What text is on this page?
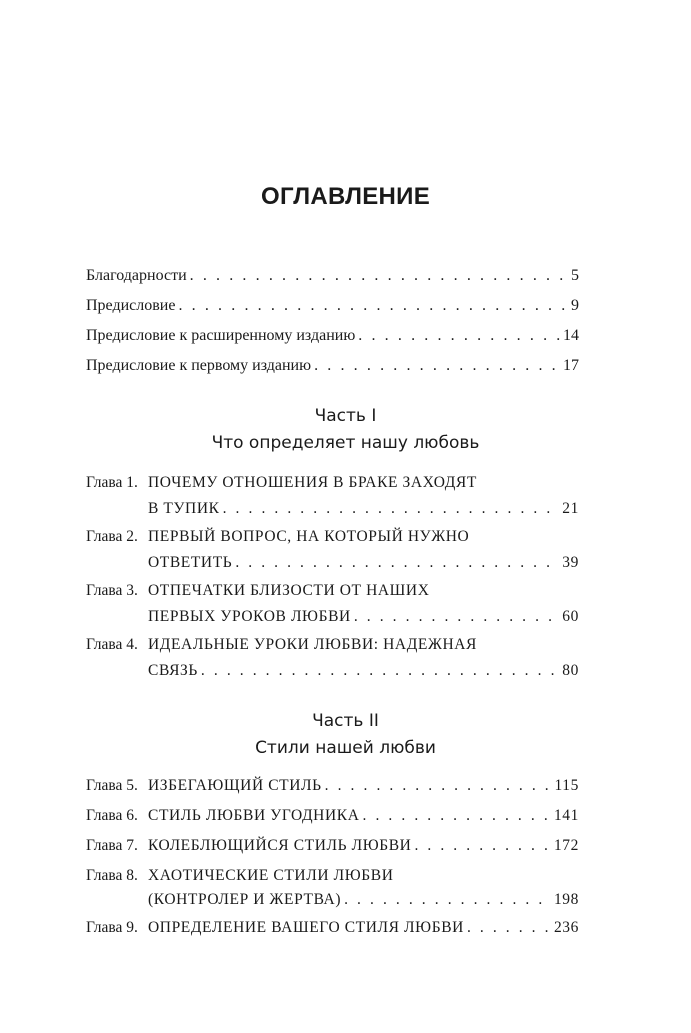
ОГЛАВЛЕНИЕ
Благодарности . . .	5
Предисловие . . .	9
Предисловие к расширенному изданию . . .	14
Предисловие к первому изданию . . .	17
Часть I
Что определяет нашу любовь
Глава 1. ПОЧЕМУ ОТНОШЕНИЯ В БРАКЕ ЗАХОДЯТ
В ТУПИК . . .	21
Глава 2. ПЕРВЫЙ ВОПРОС, НА КОТОРЫЙ НУЖНО
ОТВЕТИТЬ . . .	39
Глава 3. ОТПЕЧАТКИ БЛИЗОСТИ ОТ НАШИХ
ПЕРВЫХ УРОКОВ ЛЮБВИ . . .	60
Глава 4. ИДЕАЛЬНЫЕ УРОКИ ЛЮБВИ: НАДЕЖНАЯ
СВЯЗЬ . . .	80
Часть II
Стили нашей любви
Глава 5. ИЗБЕГАЮЩИЙ СТИЛЬ . . .	115
Глава 6. СТИЛЬ ЛЮБВИ УГОДНИКА . . .	141
Глава 7. КОЛЕБЛЮЩИЙСЯ СТИЛЬ ЛЮБВИ . . .	172
Глава 8. ХАОТИЧЕСКИЕ СТИЛИ ЛЮБВИ
(КОНТРОЛЕР И ЖЕРТВА) . . .	198
Глава 9. ОПРЕДЕЛЕНИЕ ВАШЕГО СТИЛЯ ЛЮБВИ . . .	236
